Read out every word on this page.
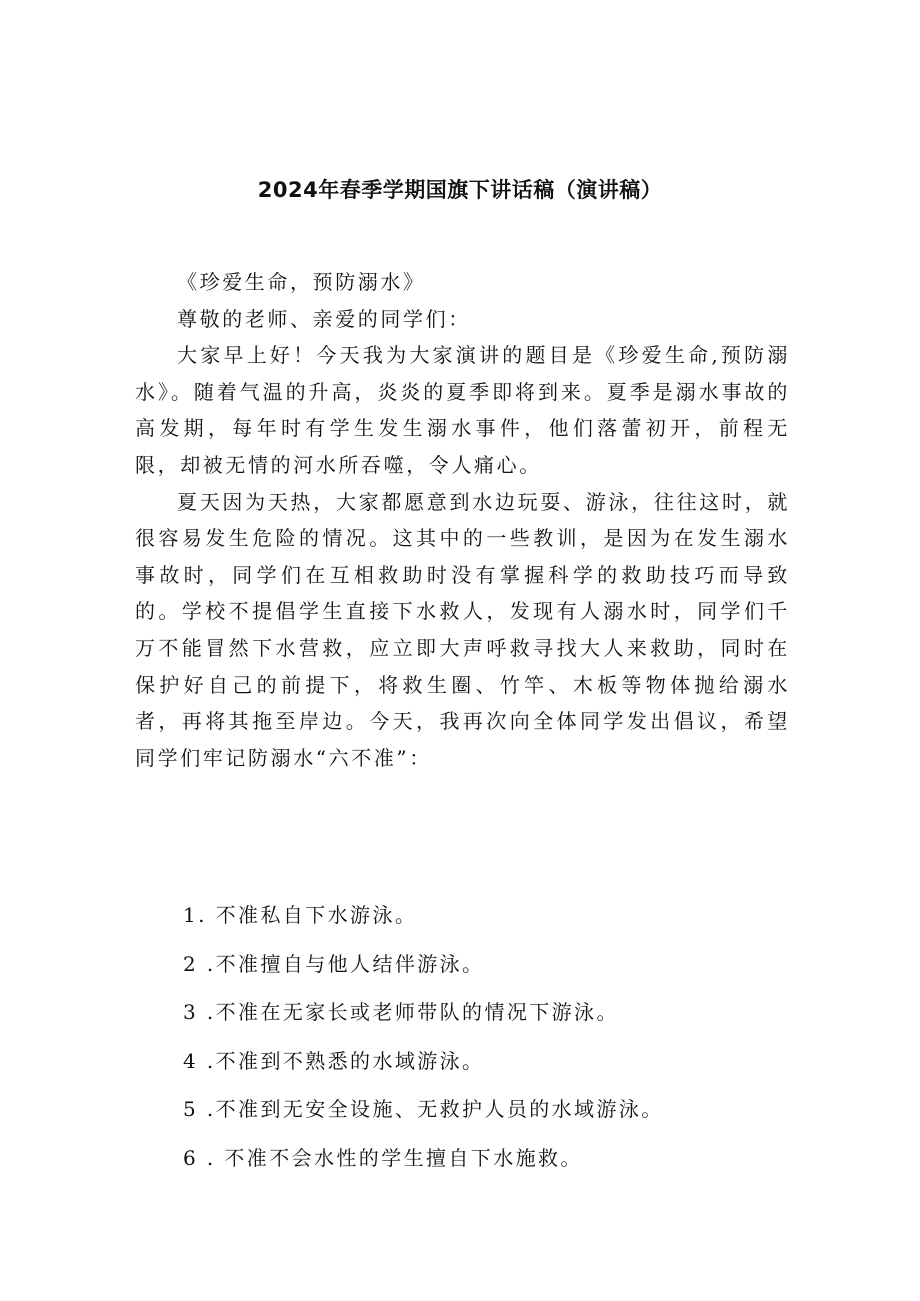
2024年春季学期国旗下讲话稿（演讲稿）

《珍爱生命，预防溺水》

尊敬的老师、亲爱的同学们：

大家早上好！今天我为大家演讲的题目是《珍爱生命,预防溺水》。随着气温的升高，炎炎的夏季即将到来。夏季是溺水事故的高发期，每年时有学生发生溺水事件，他们落蕾初开，前程无限，却被无情的河水所吞噬，令人痛心。

夏天因为天热，大家都愿意到水边玩耍、游泳，往往这时，就很容易发生危险的情况。这其中的一些教训，是因为在发生溺水事故时，同学们在互相救助时没有掌握科学的救助技巧而导致的。学校不提倡学生直接下水救人，发现有人溺水时，同学们千万不能冒然下水营救，应立即大声呼救寻找大人来救助，同时在保护好自己的前提下，将救生圈、竹竿、木板等物体抛给溺水者，再将其拖至岸边。今天，我再次向全体同学发出倡议，希望同学们牢记防溺水“六不准”：

1. 不准私自下水游泳。
2 .不准擅自与他人结伴游泳。
3 .不准在无家长或老师带队的情况下游泳。
4 .不准到不熟悉的水域游泳。
5 .不准到无安全设施、无救护人员的水域游泳。
6 . 不准不会水性的学生擅自下水施救。
